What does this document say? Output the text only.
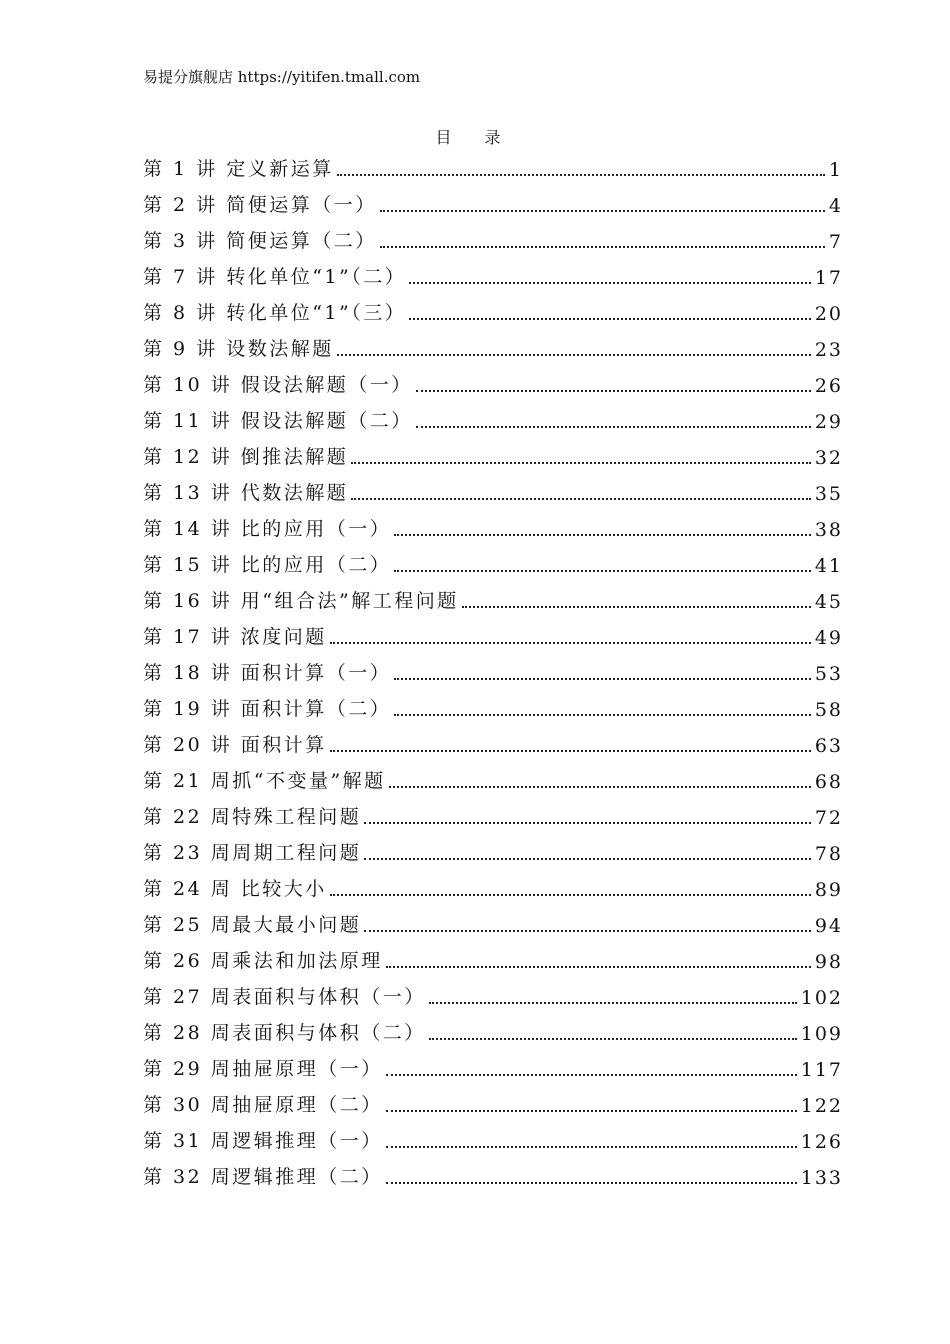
易提分旗舰店 https://yitifen.tmall.com
目 录
第 1 讲 定义新运算	1
第 2 讲 简便运算（一）	4
第 3 讲 简便运算（二）	7
第 7 讲 转化单位“1”（二）	17
第 8 讲 转化单位“1”（三）	20
第 9 讲 设数法解题	23
第 10 讲 假设法解题（一）	26
第 11 讲 假设法解题（二）	29
第 12 讲 倒推法解题	32
第 13 讲 代数法解题	35
第 14 讲 比的应用（一）	38
第 15 讲 比的应用（二）	41
第 16 讲 用“组合法”解工程问题	45
第 17 讲 浓度问题	49
第 18 讲 面积计算（一）	53
第 19 讲 面积计算（二）	58
第 20 讲 面积计算	63
第 21 周抓“不变量”解题	68
第 22 周特殊工程问题	72
第 23 周周期工程问题	78
第 24 周 比较大小	89
第 25 周最大最小问题	94
第 26 周乘法和加法原理	98
第 27 周表面积与体积（一）	102
第 28 周表面积与体积（二）	109
第 29 周抽屉原理（一）	117
第 30 周抽屉原理（二）	122
第 31 周逻辑推理（一）	126
第 32 周逻辑推理（二）	133
